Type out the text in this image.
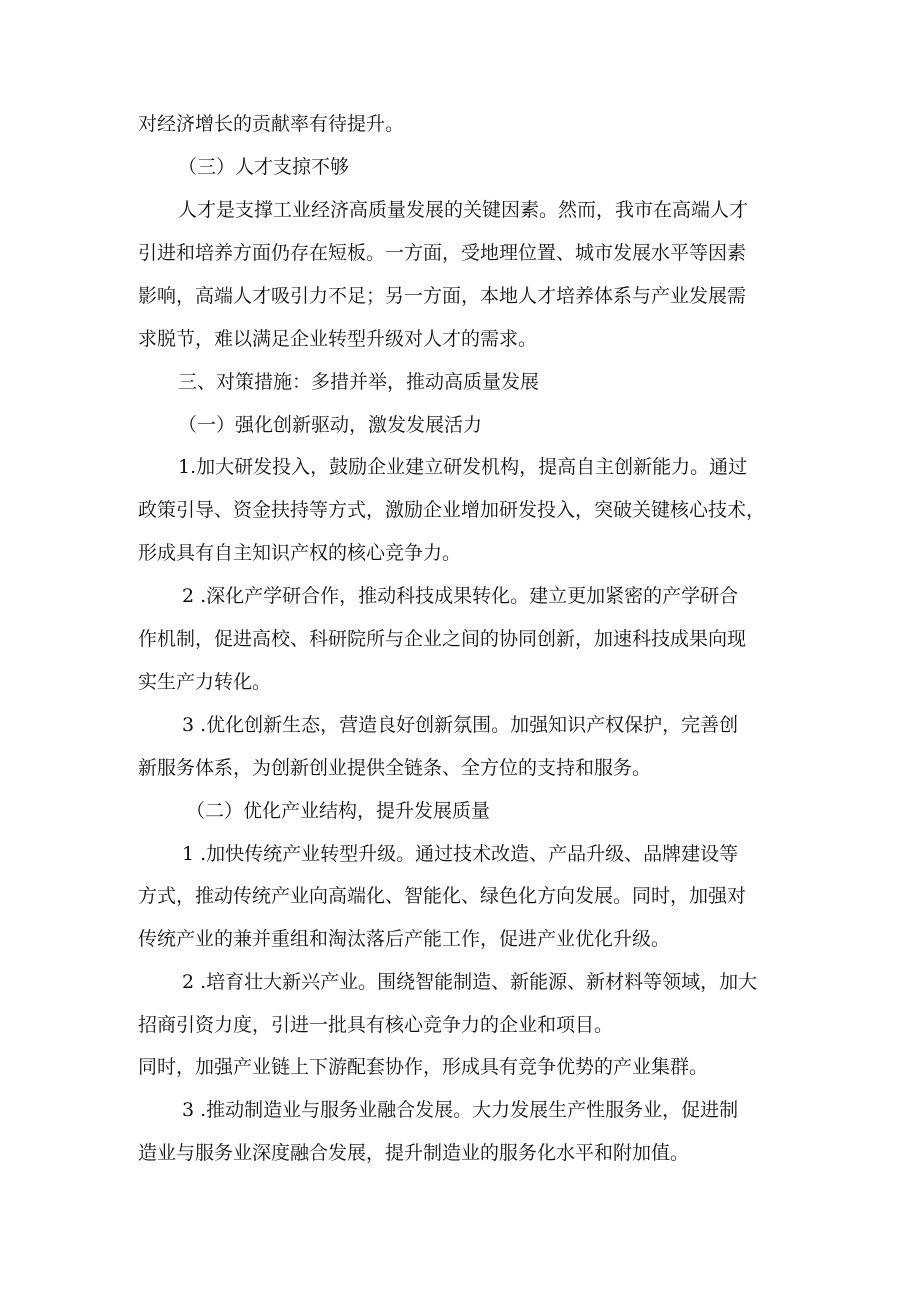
对经济增长的贡献率有待提升。
（三）人才支掠不够
人才是支撑工业经济高质量发展的关键因素。然而，我市在高端人才
引进和培养方面仍存在短板。一方面，受地理位置、城市发展水平等因素
影响，高端人才吸引力不足；另一方面，本地人才培养体系与产业发展需
求脱节，难以满足企业转型升级对人才的需求。
三、对策措施：多措并举，推动高质量发展
（一）强化创新驱动，激发发展活力
1.加大研发投入，鼓励企业建立研发机构，提高自主创新能力。通过
政策引导、资金扶持等方式，激励企业增加研发投入，突破关键核心技术，
形成具有自主知识产权的核心竞争力。
2 .深化产学研合作，推动科技成果转化。建立更加紧密的产学研合
作机制，促进高校、科研院所与企业之间的协同创新，加速科技成果向现
实生产力转化。
3 .优化创新生态，营造良好创新氛围。加强知识产权保护，完善创
新服务体系，为创新创业提供全链条、全方位的支持和服务。
（二）优化产业结构，提升发展质量
1 .加快传统产业转型升级。通过技术改造、产品升级、品牌建设等
方式，推动传统产业向高端化、智能化、绿色化方向发展。同时，加强对
传统产业的兼并重组和淘汰落后产能工作，促进产业优化升级。
2 .培育壮大新兴产业。围绕智能制造、新能源、新材料等领域，加大
招商引资力度，引进一批具有核心竞争力的企业和项目。
同时，加强产业链上下游配套协作，形成具有竞争优势的产业集群。
3 .推动制造业与服务业融合发展。大力发展生产性服务业，促进制
造业与服务业深度融合发展，提升制造业的服务化水平和附加值。
